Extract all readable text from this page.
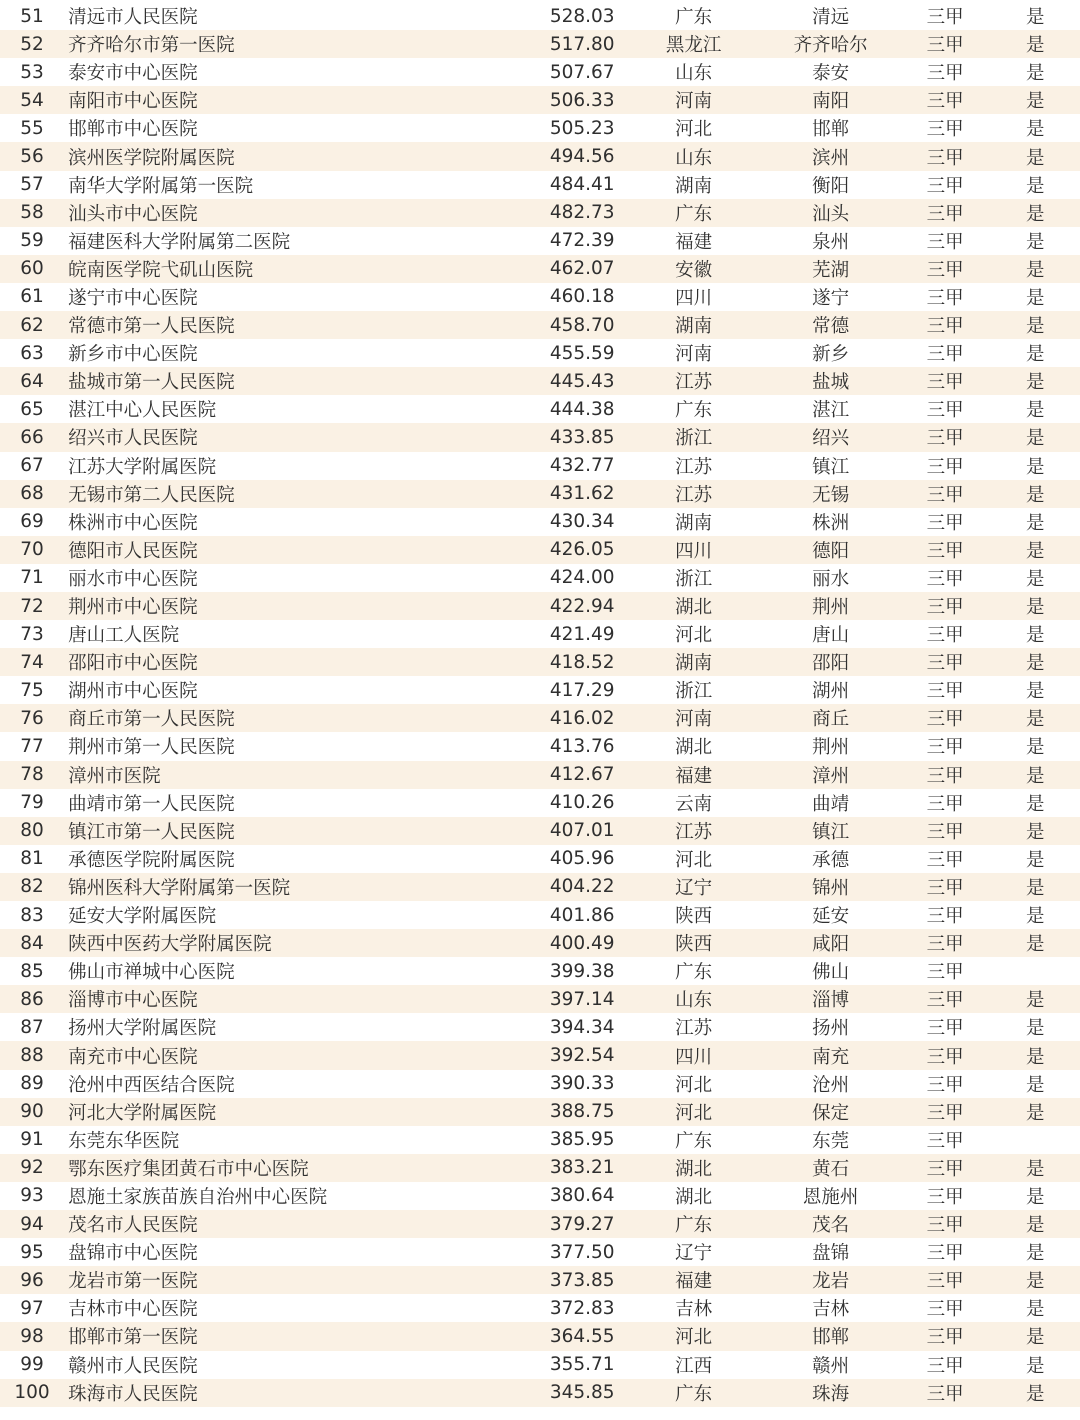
51	清远市人民医院	528.03	广东	清远	三甲	是
52	齐齐哈尔市第一医院	517.80	黑龙江	齐齐哈尔	三甲	是
53	泰安市中心医院	507.67	山东	泰安	三甲	是
54	南阳市中心医院	506.33	河南	南阳	三甲	是
55	邯郸市中心医院	505.23	河北	邯郸	三甲	是
56	滨州医学院附属医院	494.56	山东	滨州	三甲	是
57	南华大学附属第一医院	484.41	湖南	衡阳	三甲	是
58	汕头市中心医院	482.73	广东	汕头	三甲	是
59	福建医科大学附属第二医院	472.39	福建	泉州	三甲	是
60	皖南医学院弋矶山医院	462.07	安徽	芜湖	三甲	是
61	遂宁市中心医院	460.18	四川	遂宁	三甲	是
62	常德市第一人民医院	458.70	湖南	常德	三甲	是
63	新乡市中心医院	455.59	河南	新乡	三甲	是
64	盐城市第一人民医院	445.43	江苏	盐城	三甲	是
65	湛江中心人民医院	444.38	广东	湛江	三甲	是
66	绍兴市人民医院	433.85	浙江	绍兴	三甲	是
67	江苏大学附属医院	432.77	江苏	镇江	三甲	是
68	无锡市第二人民医院	431.62	江苏	无锡	三甲	是
69	株洲市中心医院	430.34	湖南	株洲	三甲	是
70	德阳市人民医院	426.05	四川	德阳	三甲	是
71	丽水市中心医院	424.00	浙江	丽水	三甲	是
72	荆州市中心医院	422.94	湖北	荆州	三甲	是
73	唐山工人医院	421.49	河北	唐山	三甲	是
74	邵阳市中心医院	418.52	湖南	邵阳	三甲	是
75	湖州市中心医院	417.29	浙江	湖州	三甲	是
76	商丘市第一人民医院	416.02	河南	商丘	三甲	是
77	荆州市第一人民医院	413.76	湖北	荆州	三甲	是
78	漳州市医院	412.67	福建	漳州	三甲	是
79	曲靖市第一人民医院	410.26	云南	曲靖	三甲	是
80	镇江市第一人民医院	407.01	江苏	镇江	三甲	是
81	承德医学院附属医院	405.96	河北	承德	三甲	是
82	锦州医科大学附属第一医院	404.22	辽宁	锦州	三甲	是
83	延安大学附属医院	401.86	陕西	延安	三甲	是
84	陕西中医药大学附属医院	400.49	陕西	咸阳	三甲	是
85	佛山市禅城中心医院	399.38	广东	佛山	三甲
86	淄博市中心医院	397.14	山东	淄博	三甲	是
87	扬州大学附属医院	394.34	江苏	扬州	三甲	是
88	南充市中心医院	392.54	四川	南充	三甲	是
89	沧州中西医结合医院	390.33	河北	沧州	三甲	是
90	河北大学附属医院	388.75	河北	保定	三甲	是
91	东莞东华医院	385.95	广东	东莞	三甲
92	鄂东医疗集团黄石市中心医院	383.21	湖北	黄石	三甲	是
93	恩施土家族苗族自治州中心医院	380.64	湖北	恩施州	三甲	是
94	茂名市人民医院	379.27	广东	茂名	三甲	是
95	盘锦市中心医院	377.50	辽宁	盘锦	三甲	是
96	龙岩市第一医院	373.85	福建	龙岩	三甲	是
97	吉林市中心医院	372.83	吉林	吉林	三甲	是
98	邯郸市第一医院	364.55	河北	邯郸	三甲	是
99	赣州市人民医院	355.71	江西	赣州	三甲	是
100 珠海市人民医院	345.85	广东	珠海	三甲	是
